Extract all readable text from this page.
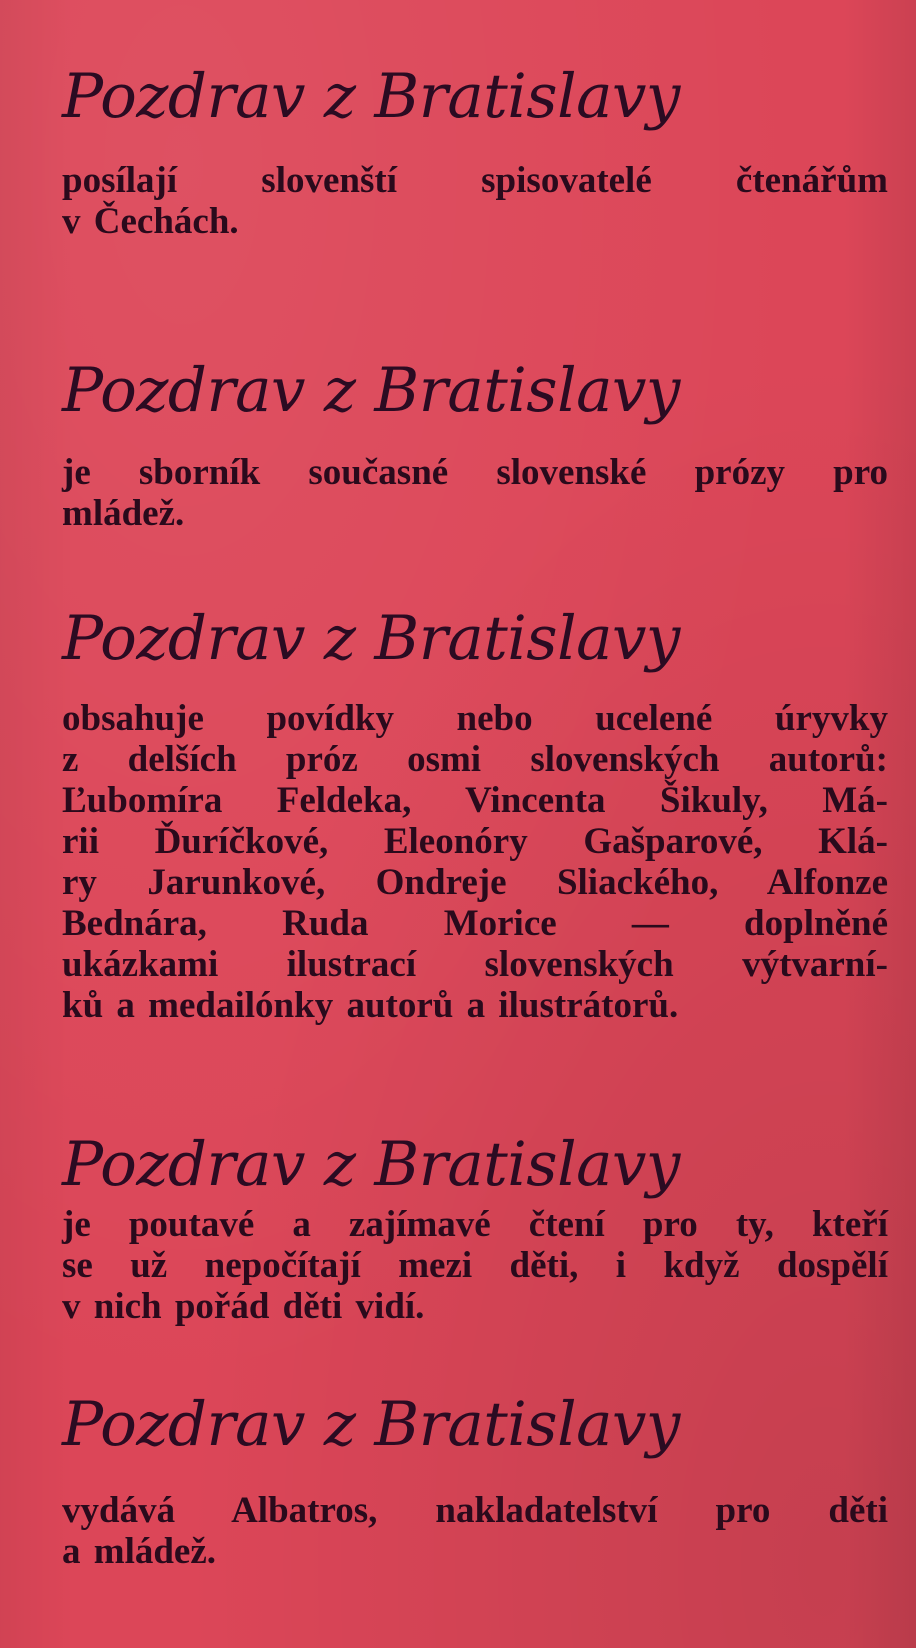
Pozdrav z Bratislavy

posílají slovenští spisovatelé čtenářům
v Čechách.

Pozdrav z Bratislavy

je sborník současné slovenské prózy pro
mládež.

Pozdrav z Bratislavy

obsahuje povídky nebo ucelené úryvky
z delších próz osmi slovenských autorů:
Ľubomíra Feldeka, Vincenta Šikuly, Má-
rii Ďuríčkové, Eleonóry Gašparové, Klá-
ry Jarunkové, Ondreje Sliackého, Alfonze
Bednára, Ruda Morice — doplněné
ukázkami ilustrací slovenských výtvarní-
ků a medailónky autorů a ilustrátorů.

Pozdrav z Bratislavy

je poutavé a zajímavé čtení pro ty, kteří
se už nepočítají mezi děti, i když dospělí
v nich pořád děti vidí.

Pozdrav z Bratislavy

vydává Albatros, nakladatelství pro děti
a mládež.
